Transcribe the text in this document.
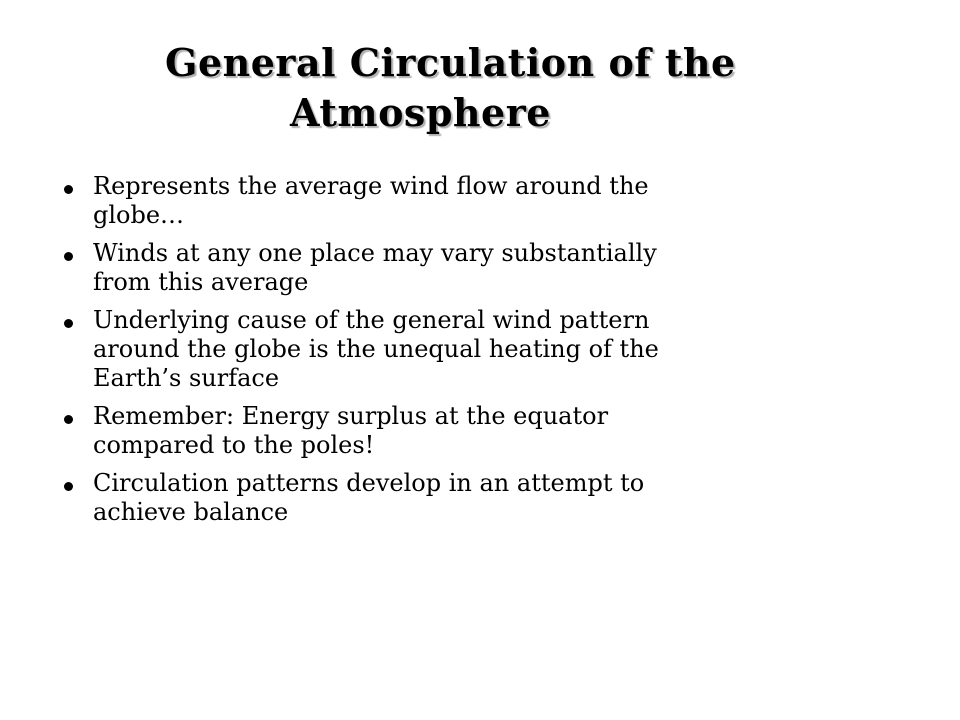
General Circulation of the
Atmosphere
Represents the average wind flow around the
globe…
Winds at any one place may vary substantially
from this average
Underlying cause of the general wind pattern
around the globe is the unequal heating of the
Earth’s surface
Remember: Energy surplus at the equator
compared to the poles!
Circulation patterns develop in an attempt to
achieve balance
